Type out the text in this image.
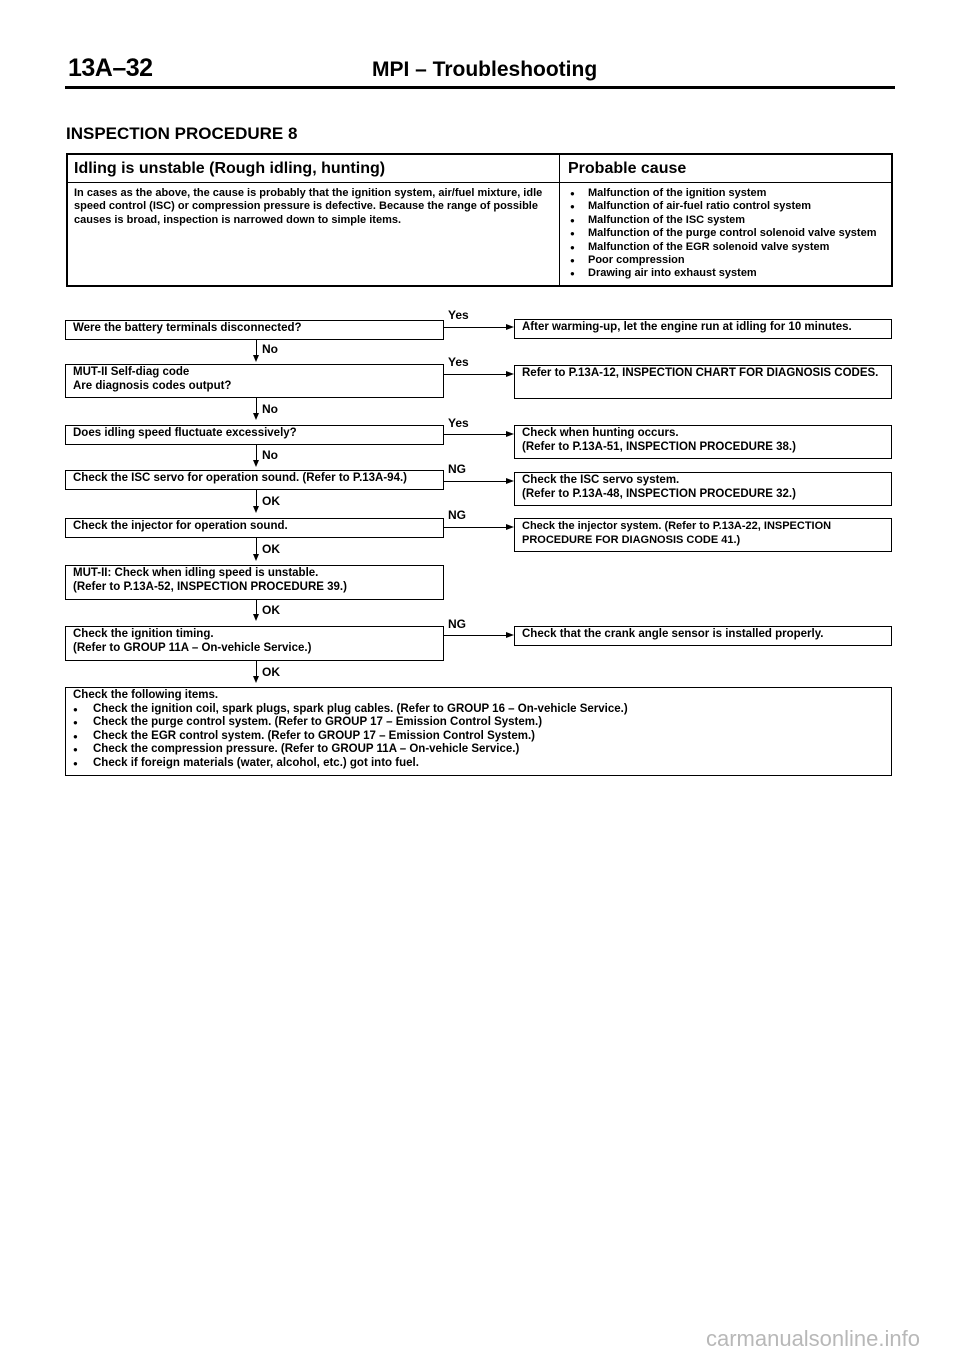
13A–32	MPI – Troubleshooting
INSPECTION PROCEDURE 8
Idling is unstable (Rough idling, hunting)	Probable cause
In cases as the above, the cause is probably that the ignition system, air/fuel mixture, idle speed control (ISC) or compression pressure is defective. Because the range of possible causes is broad, inspection is narrowed down to simple items.
● Malfunction of the ignition system
● Malfunction of air-fuel ratio control system
● Malfunction of the ISC system
● Malfunction of the purge control solenoid valve system
● Malfunction of the EGR solenoid valve system
● Poor compression
● Drawing air into exhaust system
Were the battery terminals disconnected?
Yes
After warming-up, let the engine run at idling for 10 minutes.
No
MUT-II Self-diag code
Are diagnosis codes output?
Yes
Refer to P.13A-12, INSPECTION CHART FOR DIAGNOSIS CODES.
No
Does idling speed fluctuate excessively?
Yes
Check when hunting occurs.
(Refer to P.13A-51, INSPECTION PROCEDURE 38.)
No
Check the ISC servo for operation sound. (Refer to P.13A-94.)
NG
Check the ISC servo system.
(Refer to P.13A-48, INSPECTION PROCEDURE 32.)
OK
Check the injector for operation sound.
NG
Check the injector system. (Refer to P.13A-22, INSPECTION PROCEDURE FOR DIAGNOSIS CODE 41.)
OK
MUT-II: Check when idling speed is unstable.
(Refer to P.13A-52, INSPECTION PROCEDURE 39.)
OK
Check the ignition timing.
(Refer to GROUP 11A – On-vehicle Service.)
NG
Check that the crank angle sensor is installed properly.
OK
Check the following items.
● Check the ignition coil, spark plugs, spark plug cables. (Refer to GROUP 16 – On-vehicle Service.)
● Check the purge control system. (Refer to GROUP 17 – Emission Control System.)
● Check the EGR control system. (Refer to GROUP 17 – Emission Control System.)
● Check the compression pressure. (Refer to GROUP 11A – On-vehicle Service.)
● Check if foreign materials (water, alcohol, etc.) got into fuel.
carmanualsonline.info
